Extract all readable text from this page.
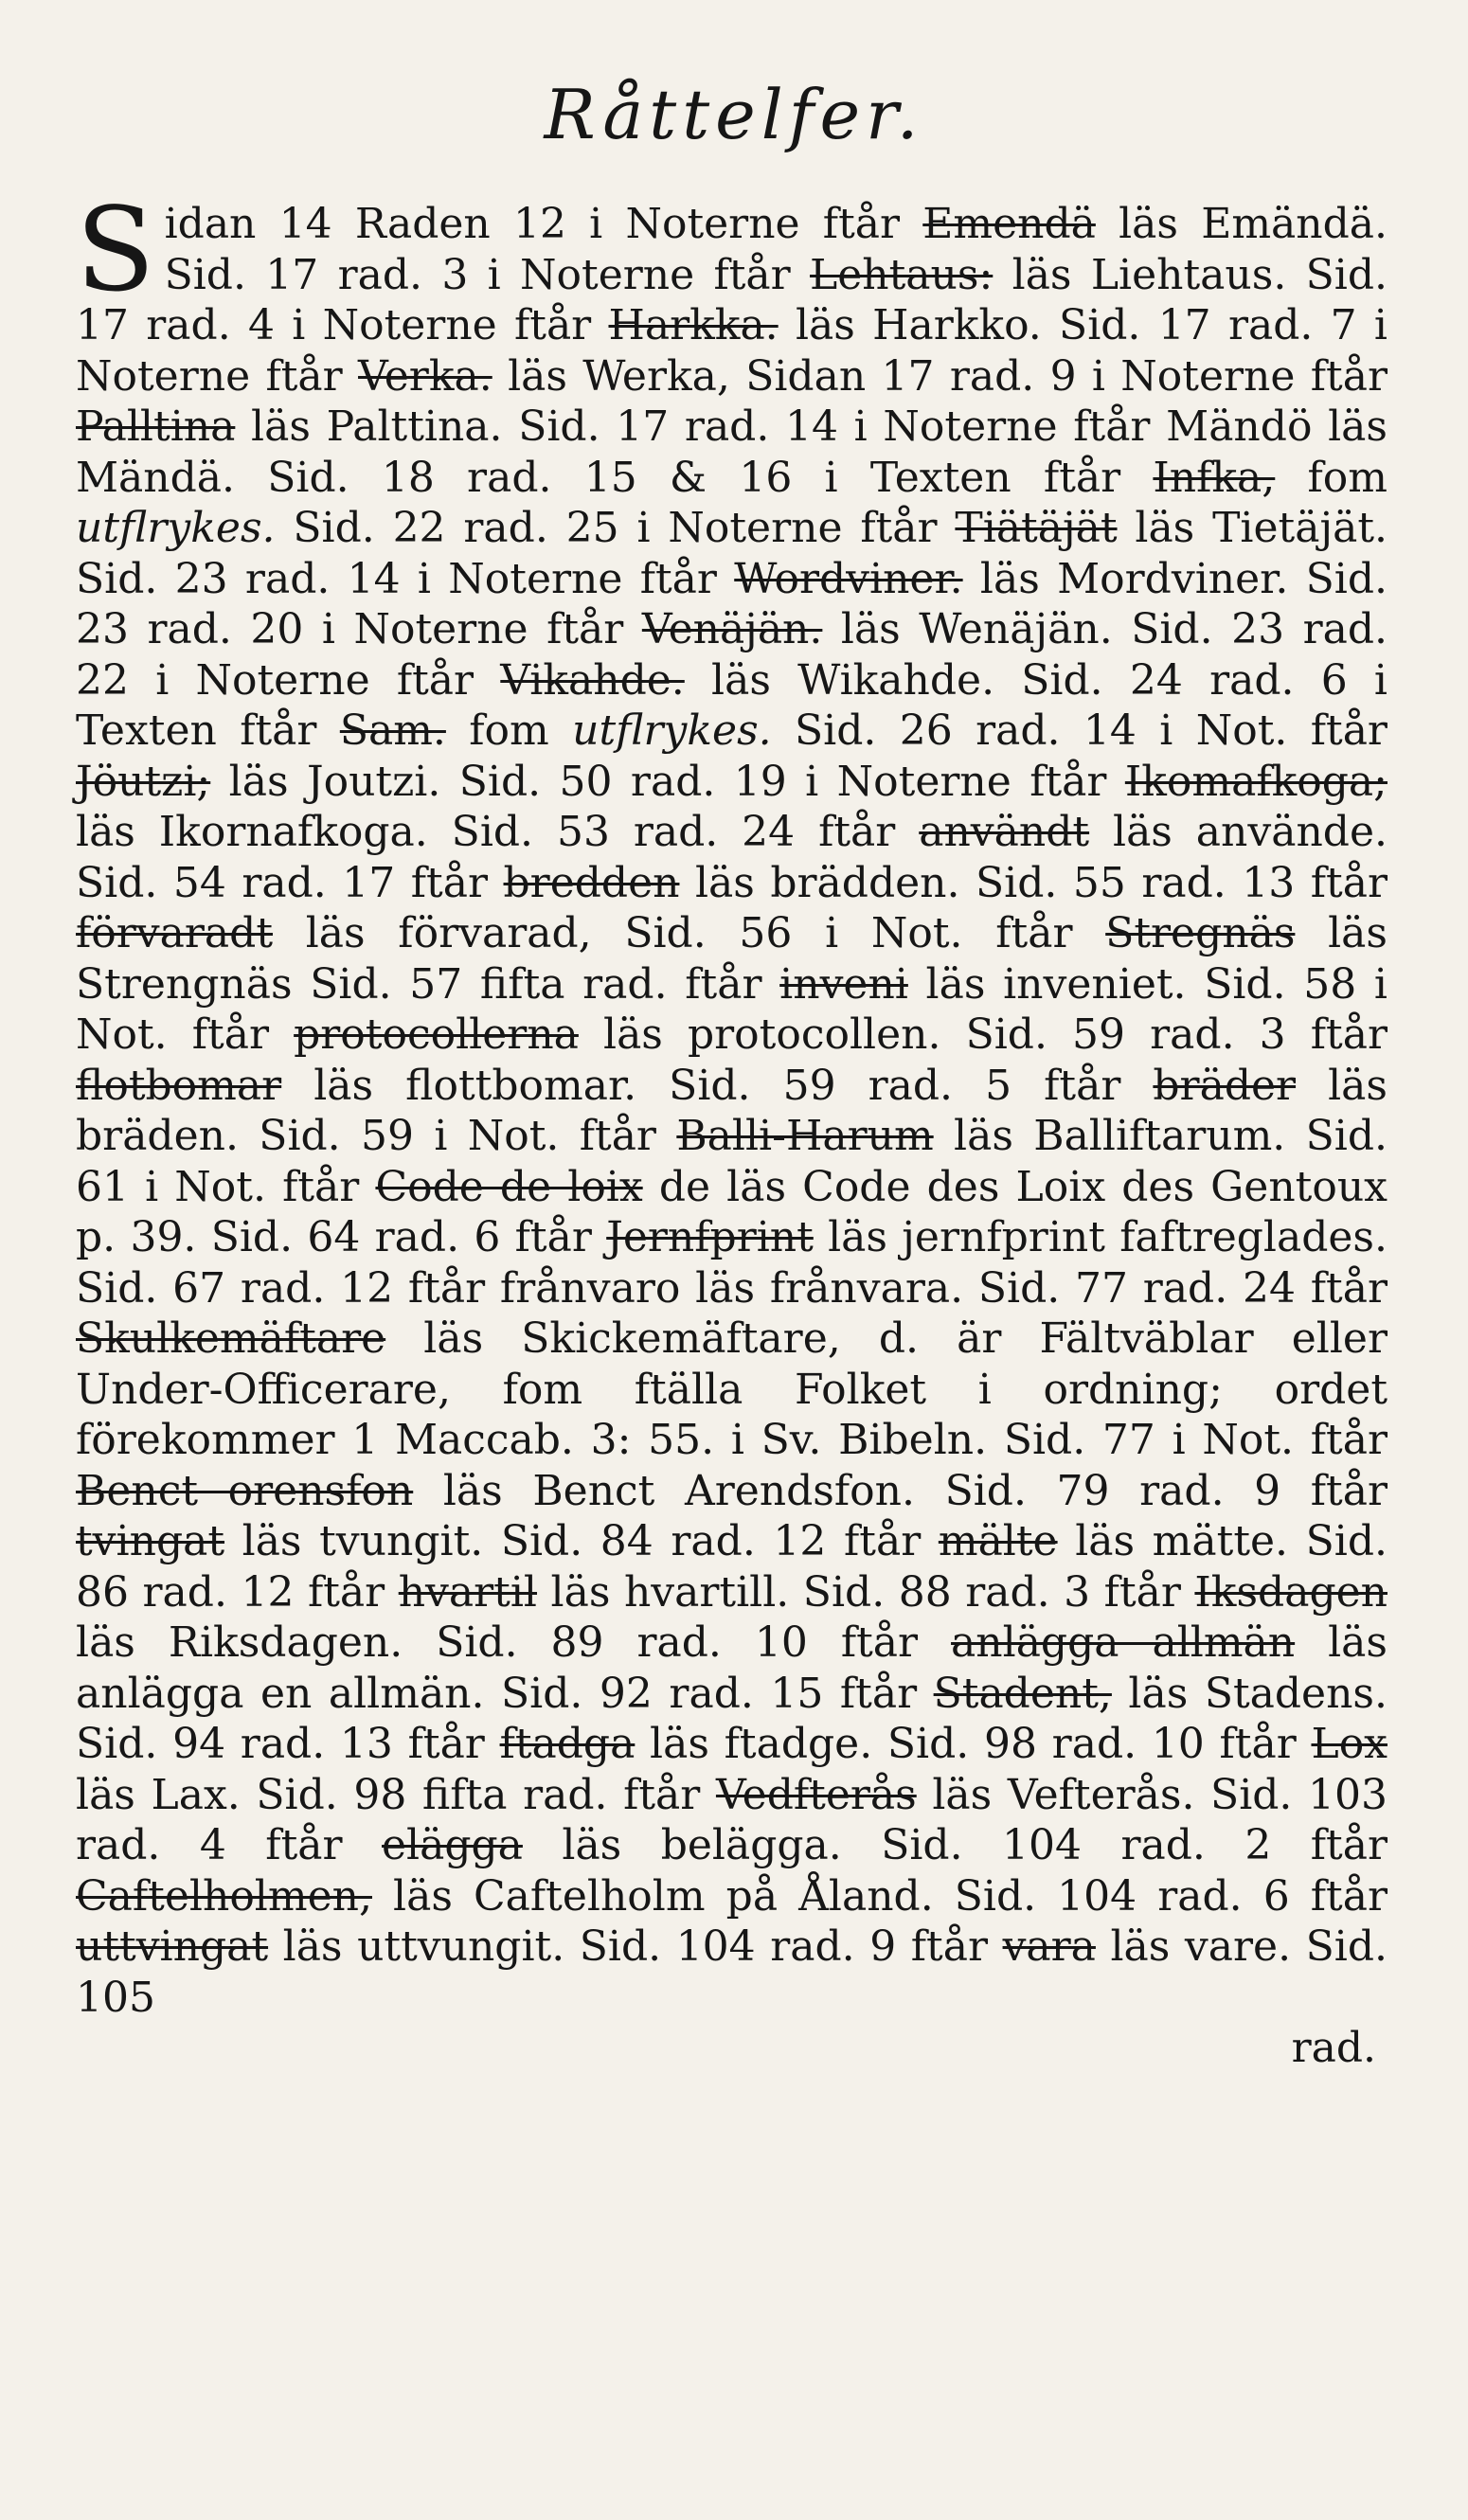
Råttelfer.
S idan 14 Raden 12 i Noterne ftår Emendä läs Emändä. Sid. 17 rad. 3 i Noterne ftår Lehtaus: läs Liehtaus. Sid. 17 rad. 4 i Noterne ftår Harkka. läs Harkko. Sid. 17 rad. 7 i Noterne ftår Verka. läs Werka, Sidan 17 rad. 9 i Noterne ftår Palltina läs Palttina. Sid. 17 rad. 14 i Noterne ftår Mändö läs Mändä. Sid. 18 rad. 15 & 16 i Texten ftår Infka, fom utflrykes. Sid. 22 rad. 25 i Noterne ftår Tiätäjät läs Tietäjät. Sid. 23 rad. 14 i Noterne ftår Wordviner. läs Mordviner. Sid. 23 rad. 20 i Noterne ftår Venäjän. läs Wenäjän. Sid. 23 rad. 22 i Noterne ftår Vikahde. läs Wikahde. Sid. 24 rad. 6 i Texten ftår Sam. fom utflrykes. Sid. 26 rad. 14 i Not. ftår Jöutzi; läs Joutzi. Sid. 50 rad. 19 i Noterne ftår Ikomafkoga; läs Ikornafkoga. Sid. 53 rad. 24 ftår användt läs använde. Sid. 54 rad. 17 ftår bredden läs brädden. Sid. 55 rad. 13 ftår förvaradt läs förvarad, Sid. 56 i Not. ftår Stregnäs läs Strengnäs Sid. 57 fifta rad. ftår inveni läs inveniet. Sid. 58 i Not. ftår protocollerna läs protocollen. Sid. 59 rad. 3 ftår flotbomar läs flottbomar. Sid. 59 rad. 5 ftår bräder läs bräden. Sid. 59 i Not. ftår Balli-Harum läs Balliftarum. Sid. 61 i Not. ftår Code de loix de läs Code des Loix des Gentoux p. 39. Sid. 64 rad. 6 ftår Jernfprint läs jernfprint faftreglades. Sid. 67 rad. 12 ftår frånvaro läs frånvara. Sid. 77 rad. 24 ftår Skulkemäftare läs Skickemäftare, d. är Fältväblar eller Under-Officerare, fom ftälla Folket i ordning; ordet förekommer 1 Maccab. 3: 55. i Sv. Bibeln. Sid. 77 i Not. ftår Benct orensfon läs Benct Arendsfon. Sid. 79 rad. 9 ftår tvingat läs tvungit. Sid. 84 rad. 12 ftår mälte läs mätte. Sid. 86 rad. 12 ftår hvartil läs hvartill. Sid. 88 rad. 3 ftår Iksdagen läs Riksdagen. Sid. 89 rad. 10 ftår anlägga allmän läs anlägga en allmän. Sid. 92 rad. 15 ftår Stadent, läs Stadens. Sid. 94 rad. 13 ftår ftadga läs ftadge. Sid. 98 rad. 10 ftår Lox läs Lax. Sid. 98 fifta rad. ftår Vedfterås läs Vefterås. Sid. 103 rad. 4 ftår elägga läs belägga. Sid. 104 rad. 2 ftår Caftelholmen, läs Caftelholm på Åland. Sid. 104 rad. 6 ftår uttvingat läs uttvungit. Sid. 104 rad. 9 ftår vara läs vare. Sid. 105
rad.
